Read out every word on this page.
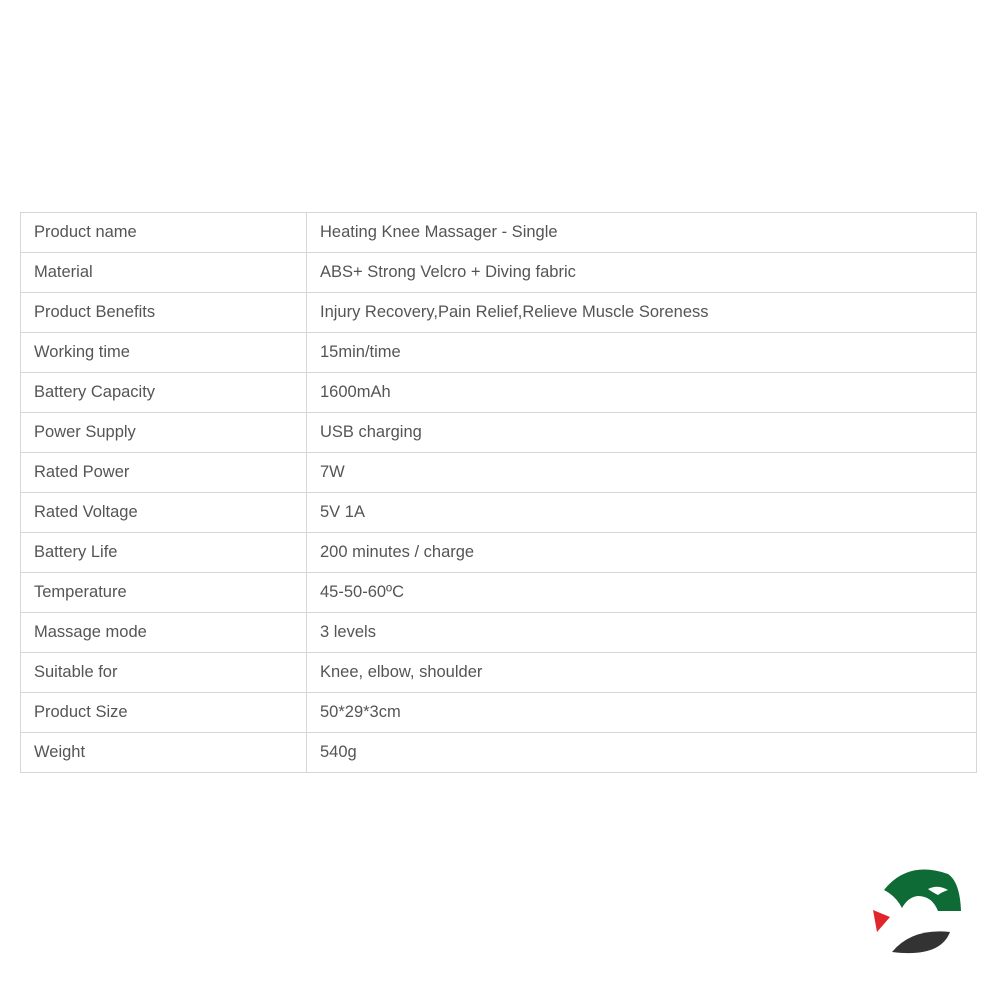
Product name	Heating Knee Massager - Single
Material	ABS+ Strong Velcro + Diving fabric
Product Benefits	Injury Recovery,Pain Relief,Relieve Muscle Soreness
Working time	15min/time
Battery Capacity	1600mAh
Power Supply	USB charging
Rated Power	7W
Rated Voltage	5V 1A
Battery Life	200 minutes / charge
Temperature	45-50-60ºC
Massage mode	3 levels
Suitable for	Knee, elbow, shoulder
Product Size	50*29*3cm
Weight	540g
